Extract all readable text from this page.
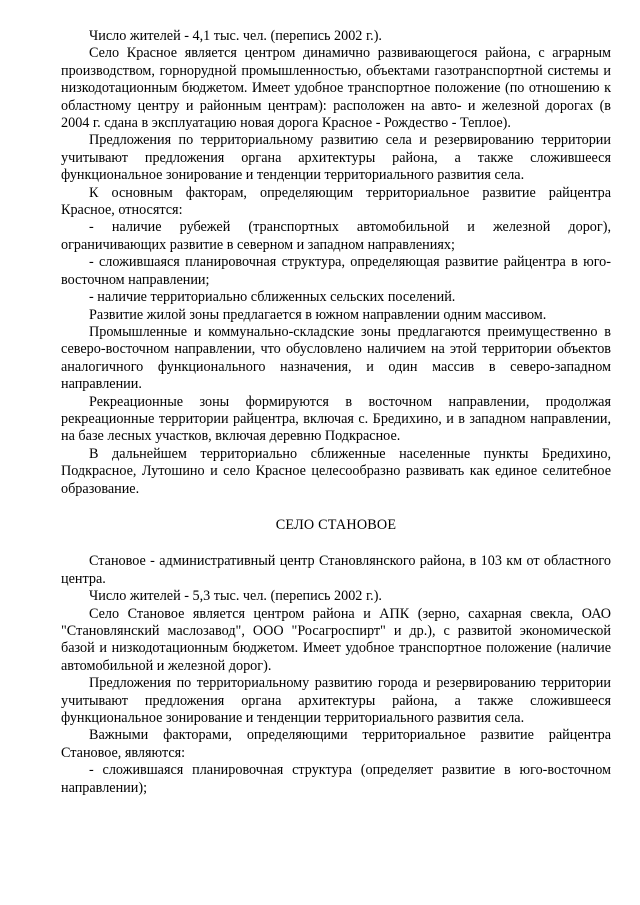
Число жителей - 4,1 тыс. чел. (перепись 2002 г.).

Село Красное является центром динамично развивающегося района, с аграрным производством, горнорудной промышленностью, объектами газотранспортной системы и низкодотационным бюджетом. Имеет удобное транспортное положение (по отношению к областному центру и районным центрам): расположен на авто- и железной дорогах (в 2004 г. сдана в эксплуатацию новая дорога Красное - Рождество - Теплое).

Предложения по территориальному развитию села и резервированию территории учитывают предложения органа архитектуры района, а также сложившееся функциональное зонирование и тенденции территориального развития села.

К основным факторам, определяющим территориальное развитие райцентра Красное, относятся:

- наличие рубежей (транспортных автомобильной и железной дорог), ограничивающих развитие в северном и западном направлениях;

- сложившаяся планировочная структура, определяющая развитие райцентра в юго-восточном направлении;

- наличие территориально сближенных сельских поселений.

Развитие жилой зоны предлагается в южном направлении одним массивом.

Промышленные и коммунально-складские зоны предлагаются преимущественно в северо-восточном направлении, что обусловлено наличием на этой территории объектов аналогичного функционального назначения, и один массив в северо-западном направлении.

Рекреационные зоны формируются в восточном направлении, продолжая рекреационные территории райцентра, включая с. Бредихино, и в западном направлении, на базе лесных участков, включая деревню Подкрасное.

В дальнейшем территориально сближенные населенные пункты Бредихино, Подкрасное, Лутошино и село Красное целесообразно развивать как единое селитебное образование.

СЕЛО СТАНОВОЕ

Становое - административный центр Становлянского района, в 103 км от областного центра.

Число жителей - 5,3 тыс. чел. (перепись 2002 г.).

Село Становое является центром района и АПК (зерно, сахарная свекла, ОАО "Становлянский маслозавод", ООО "Росагроспирт" и др.), с развитой экономической базой и низкодотационным бюджетом. Имеет удобное транспортное положение (наличие автомобильной и железной дорог).

Предложения по территориальному развитию города и резервированию территории учитывают предложения органа архитектуры района, а также сложившееся функциональное зонирование и тенденции территориального развития села.

Важными факторами, определяющими территориальное развитие райцентра Становое, являются:

- сложившаяся планировочная структура (определяет развитие в юго-восточном направлении);
